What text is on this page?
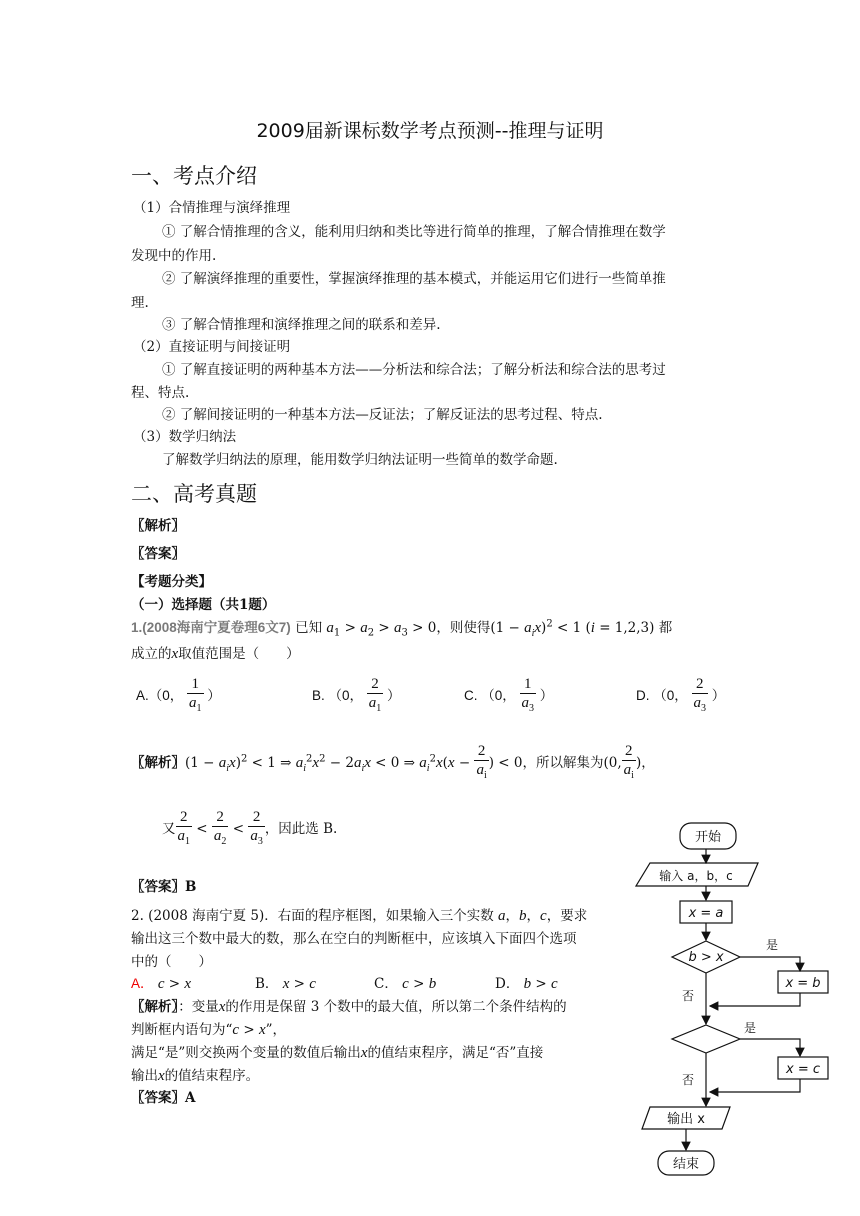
2009届新课标数学考点预测--推理与证明
一、考点介绍
（1）合情推理与演绎推理
① 了解合情推理的含义，能利用归纳和类比等进行简单的推理，了解合情推理在数学
发现中的作用.
② 了解演绎推理的重要性，掌握演绎推理的基本模式，并能运用它们进行一些简单推
理.
③ 了解合情推理和演绎推理之间的联系和差异.
（2）直接证明与间接证明
① 了解直接证明的两种基本方法——分析法和综合法；了解分析法和综合法的思考过
程、特点.
② 了解间接证明的一种基本方法—反证法；了解反证法的思考过程、特点.
（3）数学归纳法
了解数学归纳法的原理，能用数学归纳法证明一些简单的数学命题.
二、高考真题
〖解析〗
〖答案〗
【考题分类】
（一）选择题（共1题）
1.(2008海南宁夏卷理6文7) 已知 $a_1 > a_2 > a_3 > 0$，则使得$(1 - a_ix)^2 < 1$ (i = 1,2,3) 都
成立的x取值范围是（　　）
A.（0， $\frac{1}{a_1}$ ）	B. （0， $\frac{2}{a_1}$ ）	C. （0， $\frac{1}{a_3}$ ）	D. （0， $\frac{2}{a_3}$ ）
〖解析〗$(1 - a_ix)^2 < 1$ ⇒ $a_i^2x^2 - 2a_ix < 0$ ⇒ $a_i^2x(x - \frac{2}{a_i}$ ) < 0，所以解集为(0, $\frac{2}{a_i}$ )，
又 $\frac{2}{a_1} < \frac{2}{a_2} < \frac{2}{a_3}$ ，因此选 B.
〖答案〗B
2. (2008 海南宁夏 5)．右面的程序框图，如果输入三个实数 a，b，c，要求
输出这三个数中最大的数，那么在空白的判断框中，应该填入下面四个选项
中的（　　）
A． c > x	B． x > c	C． c > b	D． b > c
〖解析〗：变量x的作用是保留 3 个数中的最大值，所以第二个条件结构的
判断框内语句为“c > x”，
满足“是”则交换两个变量的数值后输出x的值结束程序，满足“否”直接
输出x的值结束程序。
〖答案〗A
开始
输入 a，b，c
x = a
b > x
是
x = b
否
是
x = c
否
输出 x
结束
